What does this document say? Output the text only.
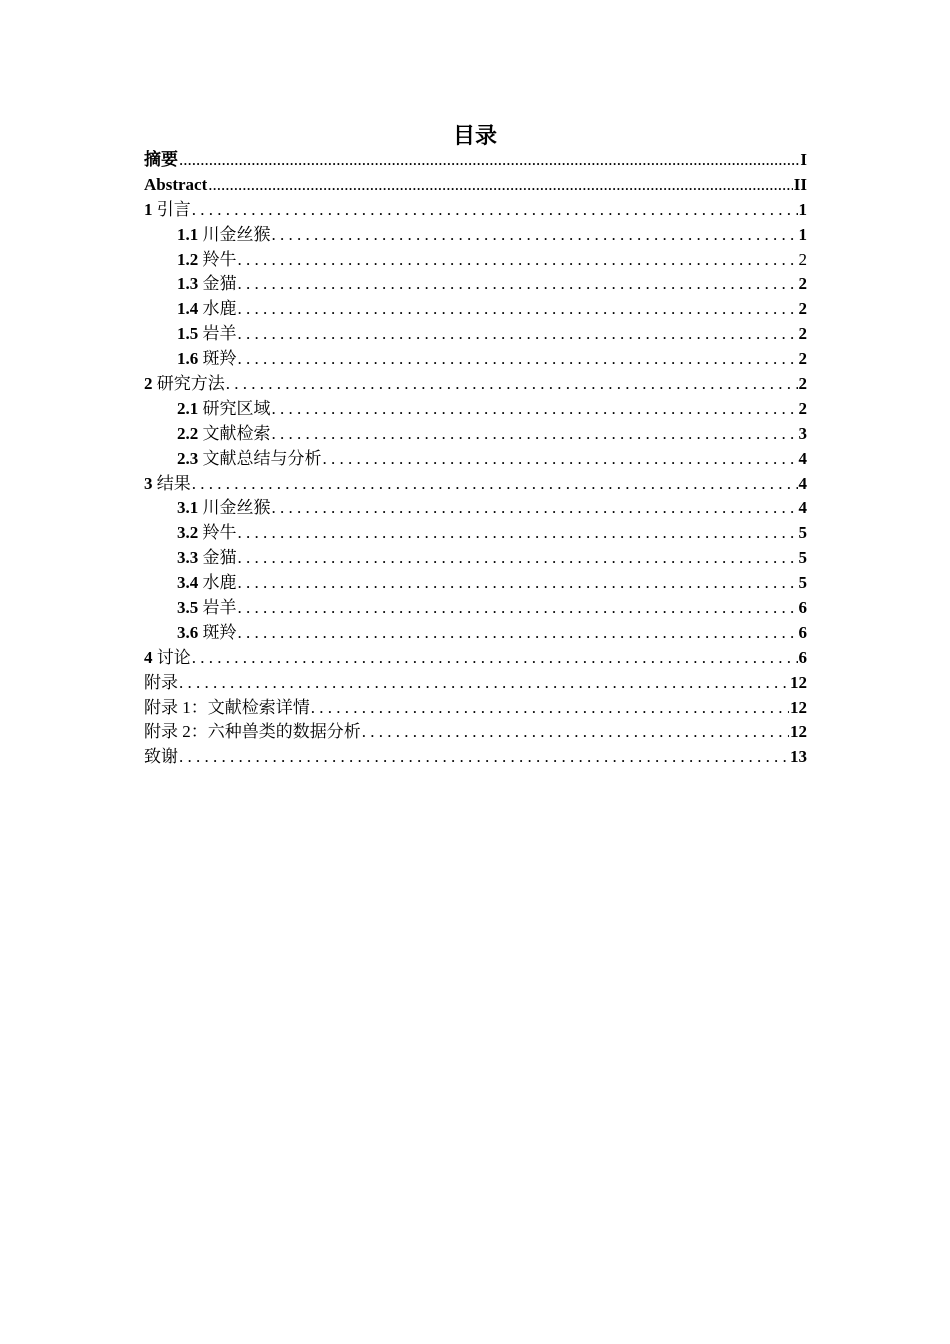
目录
摘要 .....	I
Abstract .....	II
1 引言 . . .	1
1.1 川金丝猴 . . .	1
1.2 羚牛 . . .	2
1.3 金猫 . . .	2
1.4 水鹿 . . .	2
1.5 岩羊 . . .	2
1.6 斑羚 . . .	2
2 研究方法 . . .	2
2.1 研究区域 . . .	2
2.2 文献检索 . . .	3
2.3 文献总结与分析 . . .	4
3 结果 . . .	4
3.1 川金丝猴 . . .	4
3.2 羚牛 . . .	5
3.3 金猫 . . .	5
3.4 水鹿 . . .	5
3.5 岩羊 . . .	6
3.6 斑羚 . . .	6
4 讨论 . . .	6
附录 . . .	12
附录 1：文献检索详情 . . .	12
附录 2：六种兽类的数据分析 . . .	12
致谢 . . .	13
